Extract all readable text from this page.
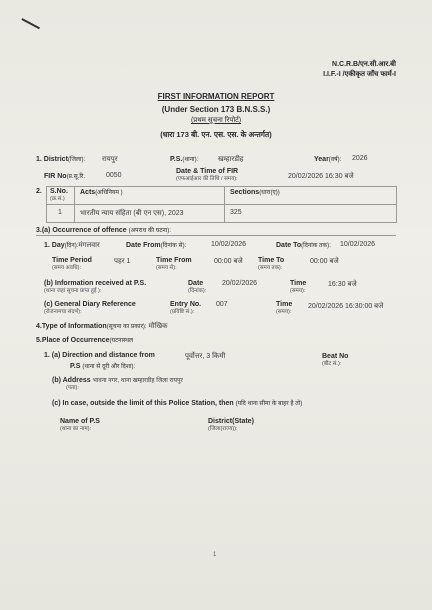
N.C.R.B/एन.सी.आर.बी
I.I.F.-I /एकीकृत जाँच फार्म-I
FIRST INFORMATION REPORT
(Under Section 173 B.N.S.S.)
(प्रथम सूचना रिपोर्ट)
(धारा 173 बी. एन. एस. एस. के अन्तर्गत)
1. District(जिला): रायपुर	P.S.(थाना):	खम्हारडीह	Year(वर्ष): 2026
FIR No(प्र.सू.रि.	0050
Date & Time of FIR
(एफआईआर की तिथि / समय):	20/02/2026 16:30 बजे
2. S.No.
(क्र.सं.)
Acts(अधिनियम )	Sections(धारा(ए))
1	भारतीय न्याय संहिता (बी एन एस), 2023	325
3.(a) Occurrence of offence (अपराध की घटना):
1. Day(दिन):मंगलवार	Date From(दिनांक से):	10/02/2026	Date To(दिनांक तक): 10/02/2026
Time Period
(समय अवधि):
पहर 1	Time From
(समय से):
00:00 बजे Time To
(समय तक):
00:00 बजे
(b) Information received at P.S.
(थाना जहां सूचना प्राप्त हुई ):
Date
(दिनांक):
20/02/2026	Time
(समय):
16:30 बजे
(c) General Diary Reference
(रोजनामचा संदर्भ):
Entry No.
(प्रविष्टि सं.):
007	Time
(समय):
20/02/2026 16:30:00 बजे
4.Type of Information(सूचना का प्रकार): मौखिक
5.Place of Occurrence(घटनास्थल
1. (a) Direction and distance from	पूर्वोत्तर, 3 किमी
P.S (थाना से दूरी और दिशा):
Beat No
(बीट सं.):
(b) Address भावना नगर, थाना खम्हारडीह जिला रायपुर
(पता):
(c) In case, outside the limit of this Police Station, then (यदि थाना सीमा के बाहर है तो)
Name of P.S
(थाना का नाम):
District(State)
(जिला(राज्य)):
1
